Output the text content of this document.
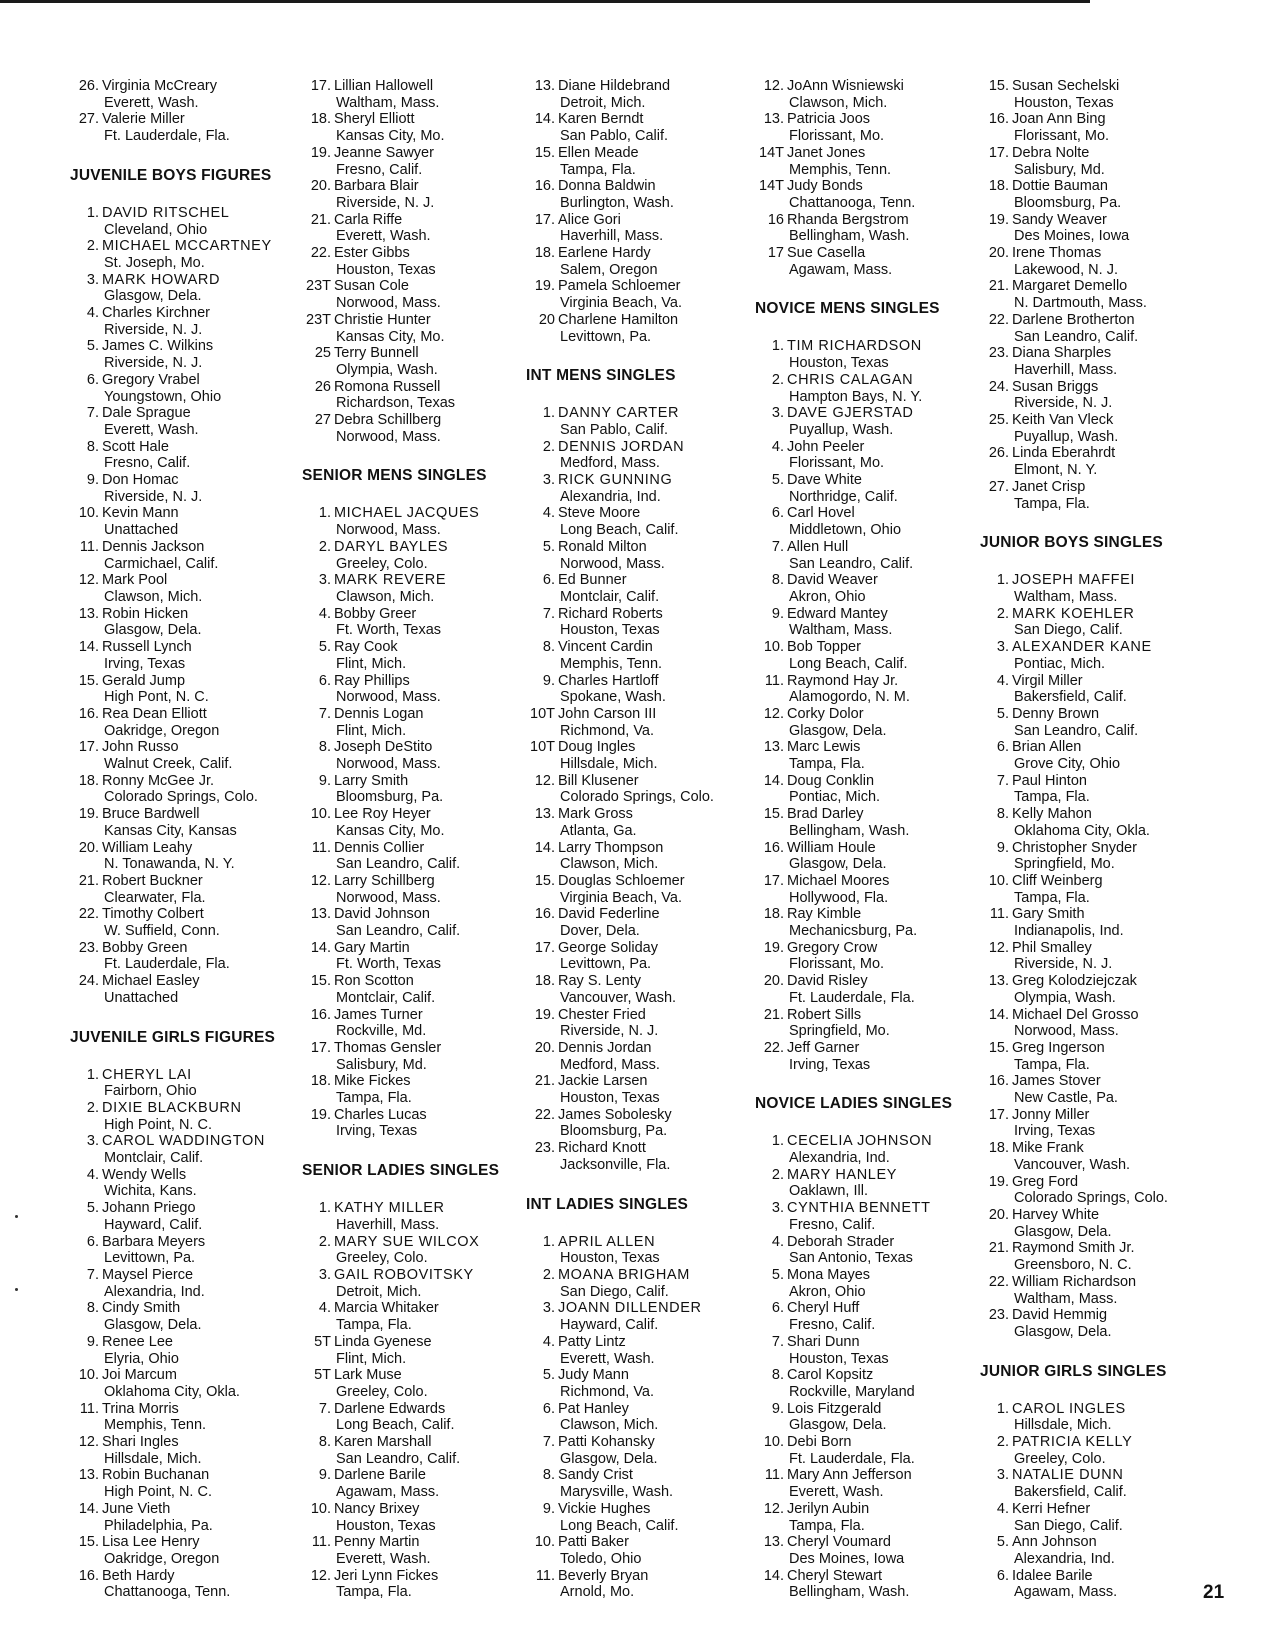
26. Virginia McCreary
Everett, Wash.
27. Valerie Miller
Ft. Lauderdale, Fla.
JUVENILE BOYS FIGURES
1. DAVID RITSCHEL
Cleveland, Ohio
2. MICHAEL MCCARTNEY
St. Joseph, Mo.
3. MARK HOWARD
Glasgow, Dela.
4. Charles Kirchner
Riverside, N. J.
5. James C. Wilkins
Riverside, N. J.
6. Gregory Vrabel
Youngstown, Ohio
7. Dale Sprague
Everett, Wash.
8. Scott Hale
Fresno, Calif.
9. Don Homac
Riverside, N. J.
10. Kevin Mann
Unattached
11. Dennis Jackson
Carmichael, Calif.
12. Mark Pool
Clawson, Mich.
13. Robin Hicken
Glasgow, Dela.
14. Russell Lynch
Irving, Texas
15. Gerald Jump
High Pont, N. C.
16. Rea Dean Elliott
Oakridge, Oregon
17. John Russo
Walnut Creek, Calif.
18. Ronny McGee Jr.
Colorado Springs, Colo.
19. Bruce Bardwell
Kansas City, Kansas
20. William Leahy
N. Tonawanda, N. Y.
21. Robert Buckner
Clearwater, Fla.
22. Timothy Colbert
W. Suffield, Conn.
23. Bobby Green
Ft. Lauderdale, Fla.
24. Michael Easley
Unattached
JUVENILE GIRLS FIGURES
1. CHERYL LAI
Fairborn, Ohio
2. DIXIE BLACKBURN
High Point, N. C.
3. CAROL WADDINGTON
Montclair, Calif.
4. Wendy Wells
Wichita, Kans.
5. Johann Priego
Hayward, Calif.
6. Barbara Meyers
Levittown, Pa.
7. Maysel Pierce
Alexandria, Ind.
8. Cindy Smith
Glasgow, Dela.
9. Renee Lee
Elyria, Ohio
10. Joi Marcum
Oklahoma City, Okla.
11. Trina Morris
Memphis, Tenn.
12. Shari Ingles
Hillsdale, Mich.
13. Robin Buchanan
High Point, N. C.
14. June Vieth
Philadelphia, Pa.
15. Lisa Lee Henry
Oakridge, Oregon
16. Beth Hardy
Chattanooga, Tenn.
17. Lillian Hallowell
Waltham, Mass.
18. Sheryl Elliott
Kansas City, Mo.
19. Jeanne Sawyer
Fresno, Calif.
20. Barbara Blair
Riverside, N. J.
21. Carla Riffe
Everett, Wash.
22. Ester Gibbs
Houston, Texas
23T Susan Cole
Norwood, Mass.
23T Christie Hunter
Kansas City, Mo.
25 Terry Bunnell
Olympia, Wash.
26 Romona Russell
Richardson, Texas
27 Debra Schillberg
Norwood, Mass.
SENIOR MENS SINGLES
1. MICHAEL JACQUES
Norwood, Mass.
2. DARYL BAYLES
Greeley, Colo.
3. MARK REVERE
Clawson, Mich.
4. Bobby Greer
Ft. Worth, Texas
5. Ray Cook
Flint, Mich.
6. Ray Phillips
Norwood, Mass.
7. Dennis Logan
Flint, Mich.
8. Joseph DeStito
Norwood, Mass.
9. Larry Smith
Bloomsburg, Pa.
10. Lee Roy Heyer
Kansas City, Mo.
11. Dennis Collier
San Leandro, Calif.
12. Larry Schillberg
Norwood, Mass.
13. David Johnson
San Leandro, Calif.
14. Gary Martin
Ft. Worth, Texas
15. Ron Scotton
Montclair, Calif.
16. James Turner
Rockville, Md.
17. Thomas Gensler
Salisbury, Md.
18. Mike Fickes
Tampa, Fla.
19. Charles Lucas
Irving, Texas
SENIOR LADIES SINGLES
1. KATHY MILLER
Haverhill, Mass.
2. MARY SUE WILCOX
Greeley, Colo.
3. GAIL ROBOVITSKY
Detroit, Mich.
4. Marcia Whitaker
Tampa, Fla.
5T Linda Gyenese
Flint, Mich.
5T Lark Muse
Greeley, Colo.
7. Darlene Edwards
Long Beach, Calif.
8. Karen Marshall
San Leandro, Calif.
9. Darlene Barile
Agawam, Mass.
10. Nancy Brixey
Houston, Texas
11. Penny Martin
Everett, Wash.
12. Jeri Lynn Fickes
Tampa, Fla.
13. Diane Hildebrand
Detroit, Mich.
14. Karen Berndt
San Pablo, Calif.
15. Ellen Meade
Tampa, Fla.
16. Donna Baldwin
Burlington, Wash.
17. Alice Gori
Haverhill, Mass.
18. Earlene Hardy
Salem, Oregon
19. Pamela Schloemer
Virginia Beach, Va.
20 Charlene Hamilton
Levittown, Pa.
INT MENS SINGLES
1. DANNY CARTER
San Pablo, Calif.
2. DENNIS JORDAN
Medford, Mass.
3. RICK GUNNING
Alexandria, Ind.
4. Steve Moore
Long Beach, Calif.
5. Ronald Milton
Norwood, Mass.
6. Ed Bunner
Montclair, Calif.
7. Richard Roberts
Houston, Texas
8. Vincent Cardin
Memphis, Tenn.
9. Charles Hartloff
Spokane, Wash.
10T John Carson III
Richmond, Va.
10T Doug Ingles
Hillsdale, Mich.
12. Bill Klusener
Colorado Springs, Colo.
13. Mark Gross
Atlanta, Ga.
14. Larry Thompson
Clawson, Mich.
15. Douglas Schloemer
Virginia Beach, Va.
16. David Federline
Dover, Dela.
17. George Soliday
Levittown, Pa.
18. Ray S. Lenty
Vancouver, Wash.
19. Chester Fried
Riverside, N. J.
20. Dennis Jordan
Medford, Mass.
21. Jackie Larsen
Houston, Texas
22. James Sobolesky
Bloomsburg, Pa.
23. Richard Knott
Jacksonville, Fla.
INT LADIES SINGLES
1. APRIL ALLEN
Houston, Texas
2. MOANA BRIGHAM
San Diego, Calif.
3. JOANN DILLENDER
Hayward, Calif.
4. Patty Lintz
Everett, Wash.
5. Judy Mann
Richmond, Va.
6. Pat Hanley
Clawson, Mich.
7. Patti Kohansky
Glasgow, Dela.
8. Sandy Crist
Marysville, Wash.
9. Vickie Hughes
Long Beach, Calif.
10. Patti Baker
Toledo, Ohio
11. Beverly Bryan
Arnold, Mo.
12. JoAnn Wisniewski
Clawson, Mich.
13. Patricia Joos
Florissant, Mo.
14T Janet Jones
Memphis, Tenn.
14T Judy Bonds
Chattanooga, Tenn.
16 Rhanda Bergstrom
Bellingham, Wash.
17 Sue Casella
Agawam, Mass.
NOVICE MENS SINGLES
1. TIM RICHARDSON
Houston, Texas
2. CHRIS CALAGAN
Hampton Bays, N. Y.
3. DAVE GJERSTAD
Puyallup, Wash.
4. John Peeler
Florissant, Mo.
5. Dave White
Northridge, Calif.
6. Carl Hovel
Middletown, Ohio
7. Allen Hull
San Leandro, Calif.
8. David Weaver
Akron, Ohio
9. Edward Mantey
Waltham, Mass.
10. Bob Topper
Long Beach, Calif.
11. Raymond Hay Jr.
Alamogordo, N. M.
12. Corky Dolor
Glasgow, Dela.
13. Marc Lewis
Tampa, Fla.
14. Doug Conklin
Pontiac, Mich.
15. Brad Darley
Bellingham, Wash.
16. William Houle
Glasgow, Dela.
17. Michael Moores
Hollywood, Fla.
18. Ray Kimble
Mechanicsburg, Pa.
19. Gregory Crow
Florissant, Mo.
20. David Risley
Ft. Lauderdale, Fla.
21. Robert Sills
Springfield, Mo.
22. Jeff Garner
Irving, Texas
NOVICE LADIES SINGLES
1. CECELIA JOHNSON
Alexandria, Ind.
2. MARY HANLEY
Oaklawn, Ill.
3. CYNTHIA BENNETT
Fresno, Calif.
4. Deborah Strader
San Antonio, Texas
5. Mona Mayes
Akron, Ohio
6. Cheryl Huff
Fresno, Calif.
7. Shari Dunn
Houston, Texas
8. Carol Kopsitz
Rockville, Maryland
9. Lois Fitzgerald
Glasgow, Dela.
10. Debi Born
Ft. Lauderdale, Fla.
11. Mary Ann Jefferson
Everett, Wash.
12. Jerilyn Aubin
Tampa, Fla.
13. Cheryl Voumard
Des Moines, Iowa
14. Cheryl Stewart
Bellingham, Wash.
15. Susan Sechelski
Houston, Texas
16. Joan Ann Bing
Florissant, Mo.
17. Debra Nolte
Salisbury, Md.
18. Dottie Bauman
Bloomsburg, Pa.
19. Sandy Weaver
Des Moines, Iowa
20. Irene Thomas
Lakewood, N. J.
21. Margaret Demello
N. Dartmouth, Mass.
22. Darlene Brotherton
San Leandro, Calif.
23. Diana Sharples
Haverhill, Mass.
24. Susan Briggs
Riverside, N. J.
25. Keith Van Vleck
Puyallup, Wash.
26. Linda Eberahrdt
Elmont, N. Y.
27. Janet Crisp
Tampa, Fla.
JUNIOR BOYS SINGLES
1. JOSEPH MAFFEI
Waltham, Mass.
2. MARK KOEHLER
San Diego, Calif.
3. ALEXANDER KANE
Pontiac, Mich.
4. Virgil Miller
Bakersfield, Calif.
5. Denny Brown
San Leandro, Calif.
6. Brian Allen
Grove City, Ohio
7. Paul Hinton
Tampa, Fla.
8. Kelly Mahon
Oklahoma City, Okla.
9. Christopher Snyder
Springfield, Mo.
10. Cliff Weinberg
Tampa, Fla.
11. Gary Smith
Indianapolis, Ind.
12. Phil Smalley
Riverside, N. J.
13. Greg Kolodziejczak
Olympia, Wash.
14. Michael Del Grosso
Norwood, Mass.
15. Greg Ingerson
Tampa, Fla.
16. James Stover
New Castle, Pa.
17. Jonny Miller
Irving, Texas
18. Mike Frank
Vancouver, Wash.
19. Greg Ford
Colorado Springs, Colo.
20. Harvey White
Glasgow, Dela.
21. Raymond Smith Jr.
Greensboro, N. C.
22. William Richardson
Waltham, Mass.
23. David Hemmig
Glasgow, Dela.
JUNIOR GIRLS SINGLES
1. CAROL INGLES
Hillsdale, Mich.
2. PATRICIA KELLY
Greeley, Colo.
3. NATALIE DUNN
Bakersfield, Calif.
4. Kerri Hefner
San Diego, Calif.
5. Ann Johnson
Alexandria, Ind.
6. Idalee Barile
Agawam, Mass.	21
